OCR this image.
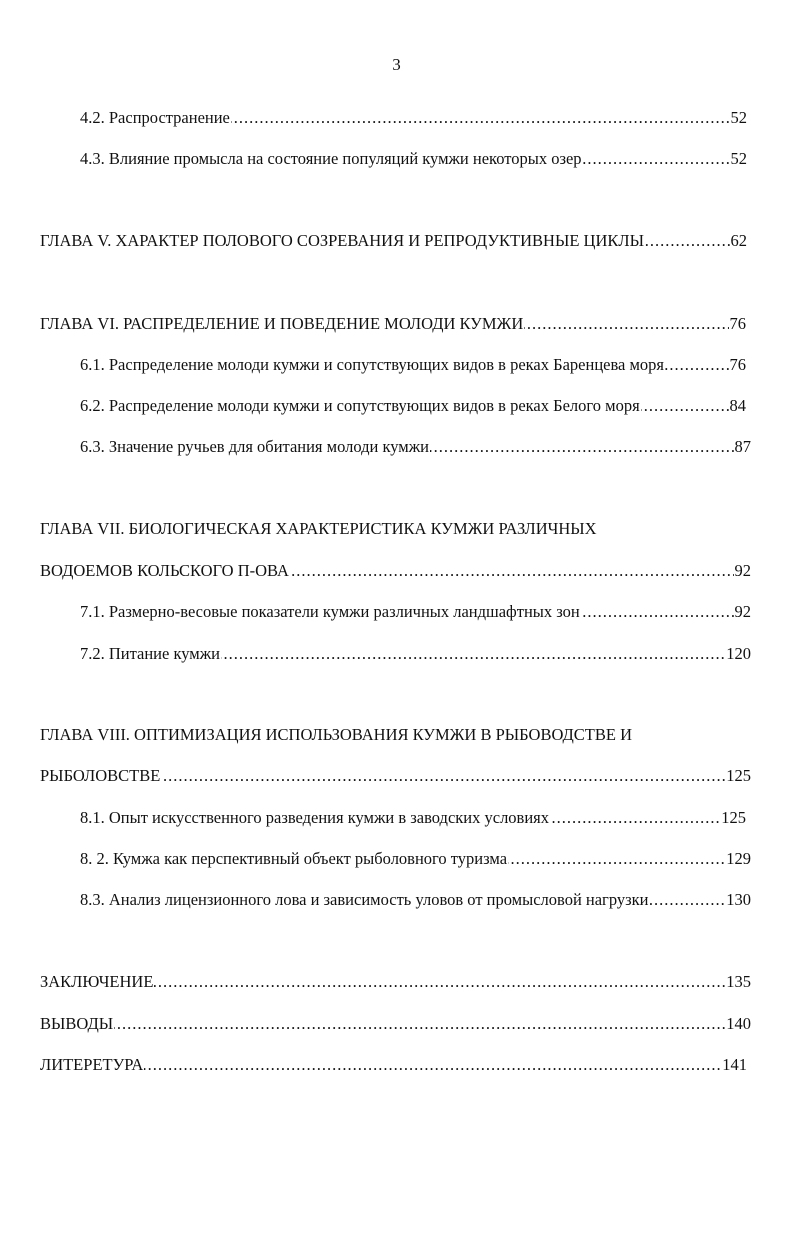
3
..... 4.2. Распространение	52
..... 4.3. Влияние промысла на состояние популяций кумжи некоторых озер	52
..... ГЛАВА V. ХАРАКТЕР ПОЛОВОГО СОЗРЕВАНИЯ И РЕПРОДУКТИВНЫЕ ЦИКЛЫ	62
..... ГЛАВА VI. РАСПРЕДЕЛЕНИЕ И ПОВЕДЕНИЕ МОЛОДИ КУМЖИ	76
..... 6.1. Распределение молоди кумжи и сопутствующих видов в реках Баренцева моря	76
..... 6.2. Распределение молоди кумжи и сопутствующих видов в реках Белого моря	84
..... 6.3. Значение ручьев для обитания молоди кумжи	87
ГЛАВА VII. БИОЛОГИЧЕСКАЯ ХАРАКТЕРИСТИКА КУМЖИ РАЗЛИЧНЫХ
..... ВОДОЕМОВ КОЛЬСКОГО П-ОВА	92
..... 7.1. Размерно-весовые показатели кумжи различных ландшафтных зон	92
..... 7.2. Питание кумжи	120
ГЛАВА VIII. ОПТИМИЗАЦИЯ ИСПОЛЬЗОВАНИЯ КУМЖИ В РЫБОВОДСТВЕ И
..... РЫБОЛОВСТВЕ	125
..... 8.1. Опыт искусственного разведения кумжи в заводских условиях	125
..... 8. 2. Кумжа как перспективный объект рыболовного туризма	129
..... 8.3. Анализ лицензионного лова и зависимость уловов от промысловой нагрузки	130
..... ЗАКЛЮЧЕНИЕ	135
..... ВЫВОДЫ	140
..... ЛИТЕРЕТУРА	141
